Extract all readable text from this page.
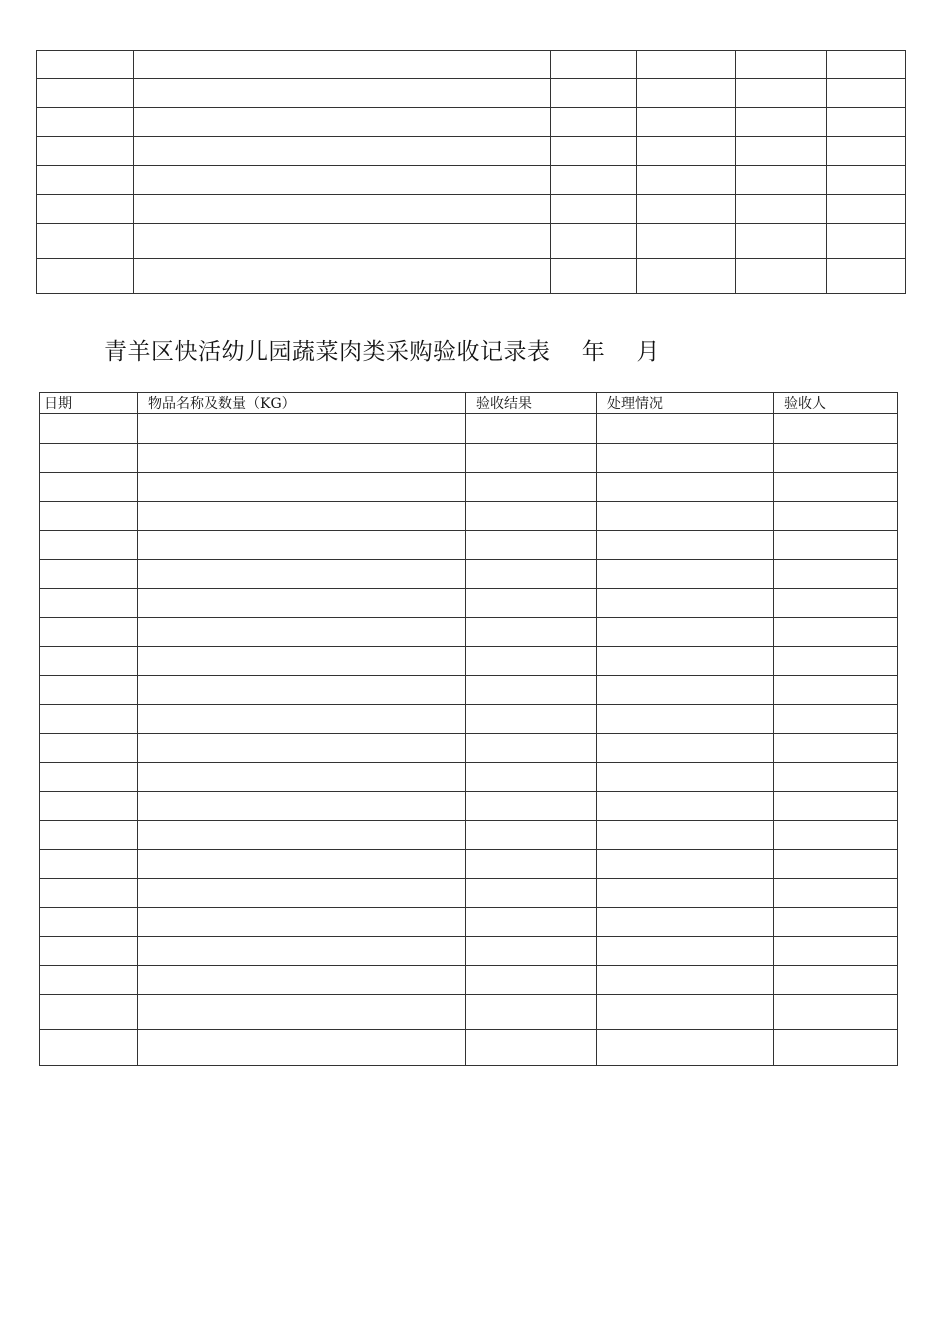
青羊区快活幼儿园蔬菜肉类采购验收记录表    年    月
日期	物品名称及数量（KG）	验收结果	处理情况	验收人
